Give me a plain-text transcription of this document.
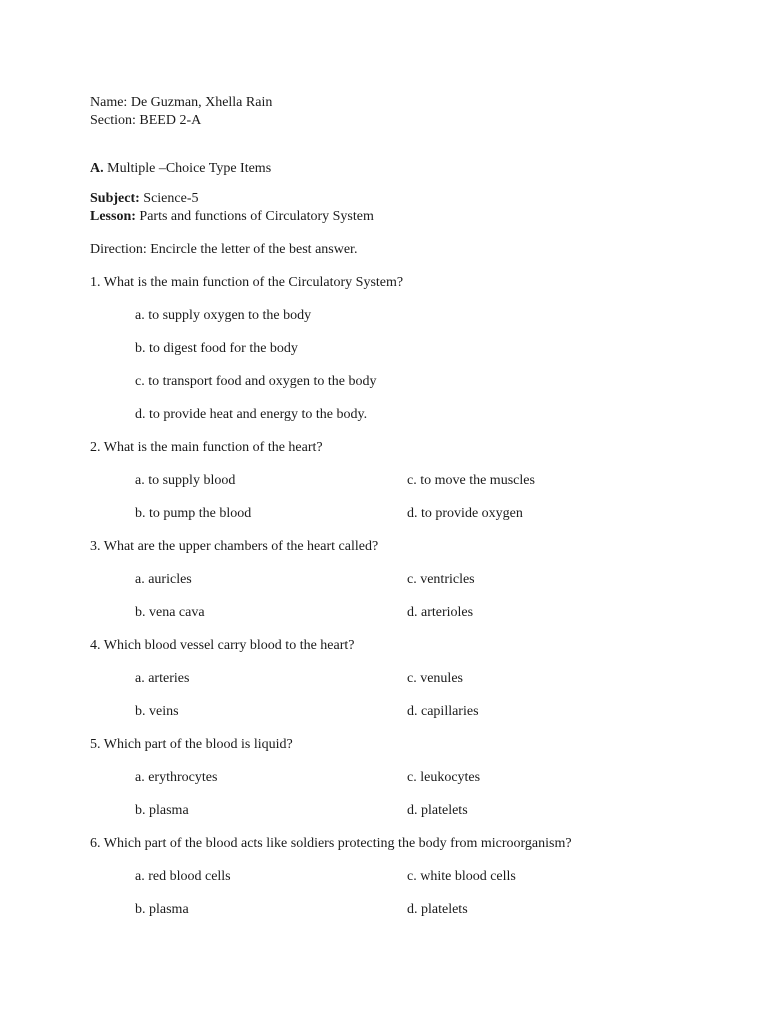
Name: De Guzman, Xhella Rain
Section: BEED 2-A
A. Multiple –Choice Type Items
Subject: Science-5
Lesson: Parts and functions of Circulatory System
Direction: Encircle the letter of the best answer.
1. What is the main function of the Circulatory System?
a. to supply oxygen to the body
b. to digest food for the body
c. to transport food and oxygen to the body
d. to provide heat and energy to the body.
2. What is the main function of the heart?
a. to supply blood	c. to move the muscles
b. to pump the blood	d. to provide oxygen
3. What are the upper chambers of the heart called?
a. auricles	c. ventricles
b. vena cava	d. arterioles
4. Which blood vessel carry blood to the heart?
a. arteries	c. venules
b. veins	d. capillaries
5. Which part of the blood is liquid?
a. erythrocytes	c. leukocytes
b. plasma	d. platelets
6. Which part of the blood acts like soldiers protecting the body from microorganism?
a. red blood cells	c. white blood cells
b. plasma	d. platelets
